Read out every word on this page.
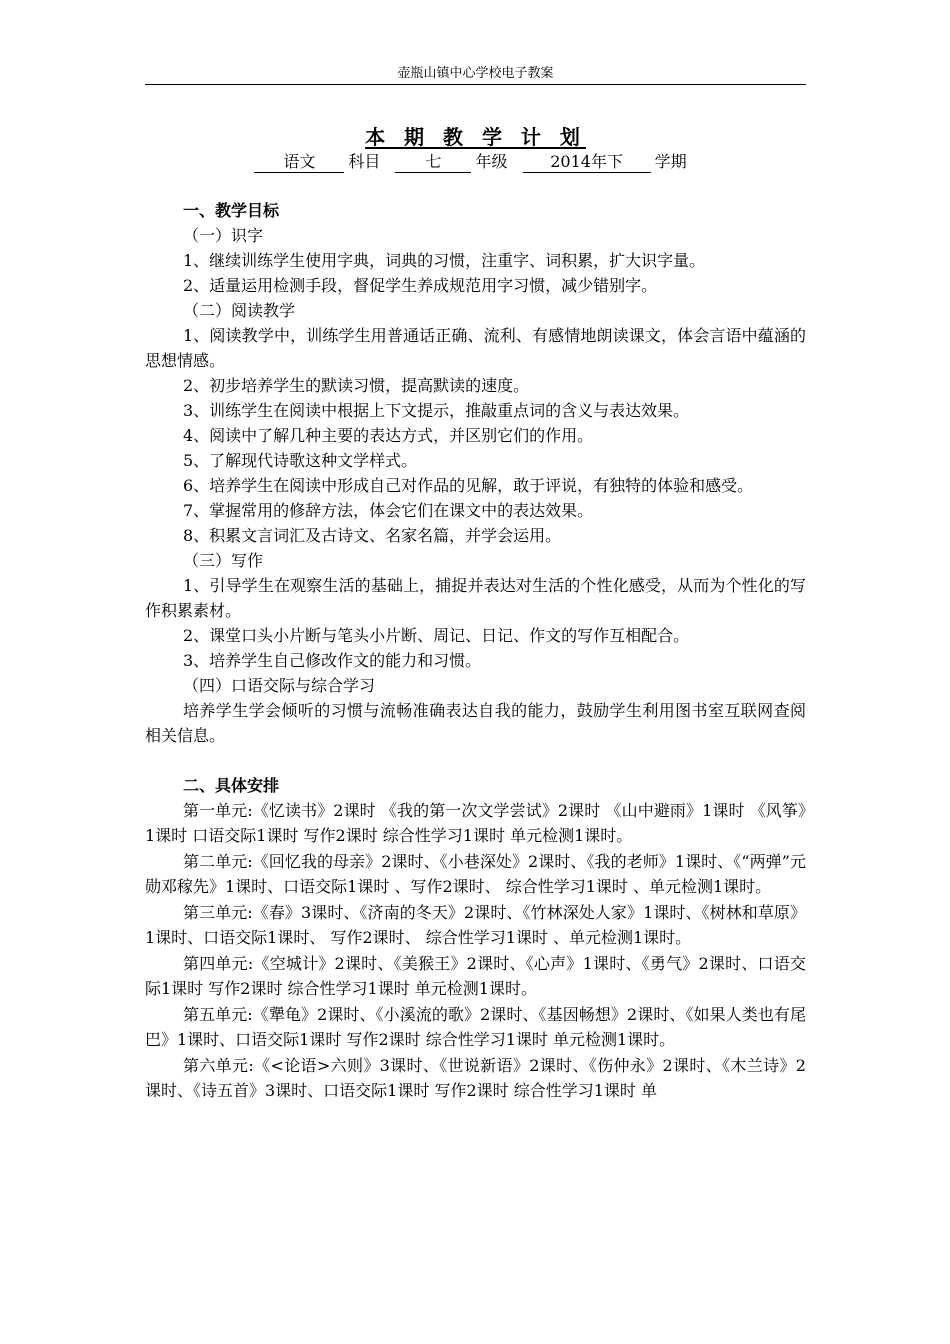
壶瓶山镇中心学校电子教案
本 期 教 学 计 划
语文 科目	七 年级	2014年下 学期
一、教学目标

（一）识字

1、继续训练学生使用字典，词典的习惯，注重字、词积累，扩大识字量。

2、适量运用检测手段，督促学生养成规范用字习惯，减少错别字。

（二）阅读教学

1、阅读教学中，训练学生用普通话正确、流利、有感情地朗读课文，体会言语中蕴涵的思想情感。

2、初步培养学生的默读习惯，提高默读的速度。

3、训练学生在阅读中根据上下文提示，推敲重点词的含义与表达效果。

4、阅读中了解几种主要的表达方式，并区别它们的作用。

5、了解现代诗歌这种文学样式。

6、培养学生在阅读中形成自己对作品的见解，敢于评说，有独特的体验和感受。

7、掌握常用的修辞方法，体会它们在课文中的表达效果。

8、积累文言词汇及古诗文、名家名篇，并学会运用。

（三）写作

1、引导学生在观察生活的基础上，捕捉并表达对生活的个性化感受，从而为个性化的写作积累素材。

2、课堂口头小片断与笔头小片断、周记、日记、作文的写作互相配合。

3、培养学生自己修改作文的能力和习惯。

（四）口语交际与综合学习

培养学生学会倾听的习惯与流畅准确表达自我的能力，鼓励学生利用图书室互联网查阅相关信息。

二、具体安排

第一单元:《忆读书》2课时 《我的第一次文学尝试》2课时 《山中避雨》1课时 《风筝》1课时 口语交际1课时 写作2课时 综合性学习1课时 单元检测1课时。

第二单元:《回忆我的母亲》2课时、《小巷深处》2课时、《我的老师》1课时、《“两弹”元勋邓稼先》1课时、口语交际1课时 、写作2课时、 综合性学习1课时 、单元检测1课时。

第三单元:《春》3课时、《济南的冬天》2课时、《竹林深处人家》1课时、《树林和草原》1课时、口语交际1课时、 写作2课时、 综合性学习1课时 、单元检测1课时。

第四单元:《空城计》2课时、《美猴王》2课时、《心声》1课时、《勇气》2课时、口语交际1课时 写作2课时 综合性学习1课时 单元检测1课时。

第五单元:《犟龟》2课时、《小溪流的歌》2课时、《基因畅想》2课时、《如果人类也有尾巴》1课时、口语交际1课时 写作2课时 综合性学习1课时 单元检测1课时。

第六单元:《<论语>六则》3课时、《世说新语》2课时、《伤仲永》2课时、《木兰诗》2课时、《诗五首》3课时、口语交际1课时 写作2课时 综合性学习1课时 单
